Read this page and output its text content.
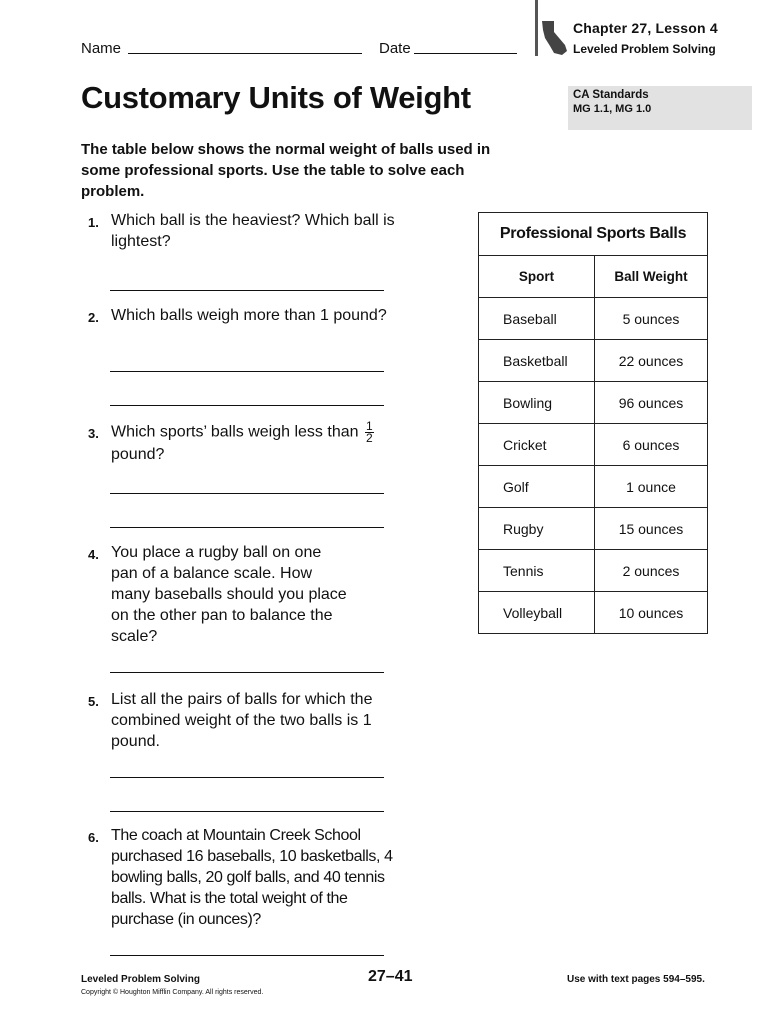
Name	Date
Chapter 27, Lesson 4
Leveled Problem Solving
Customary Units of Weight	CA Standards
MG 1.1, MG 1.0
The table below shows the normal weight of balls used in some professional sports. Use the table to solve each problem.
1. Which ball is the heaviest? Which ball is lightest?
2. Which balls weigh more than 1 pound?
3. Which sports’ balls weigh less than $\frac{1}{2}$
pound?
4. You place a rugby ball on one pan of a balance scale. How many baseballs should you place on the other pan to balance the scale?
5. List all the pairs of balls for which the combined weight of the two balls is 1 pound.
6. The coach at Mountain Creek School purchased 16 baseballs, 10 basketballs, 4 bowling balls, 20 golf balls, and 40 tennis balls. What is the total weight of the purchase (in ounces)?
Professional Sports Balls	
Sport	Ball Weight
Baseball	5 ounces
Basketball	22 ounces
Bowling	96 ounces
Cricket	6 ounces
Golf	1 ounce
Rugby	15 ounces
Tennis	2 ounces
Volleyball	10 ounces
Leveled Problem Solving
Copyright © Houghton Mifflin Company. All rights reserved.
27–41	Use with text pages 594–595.
